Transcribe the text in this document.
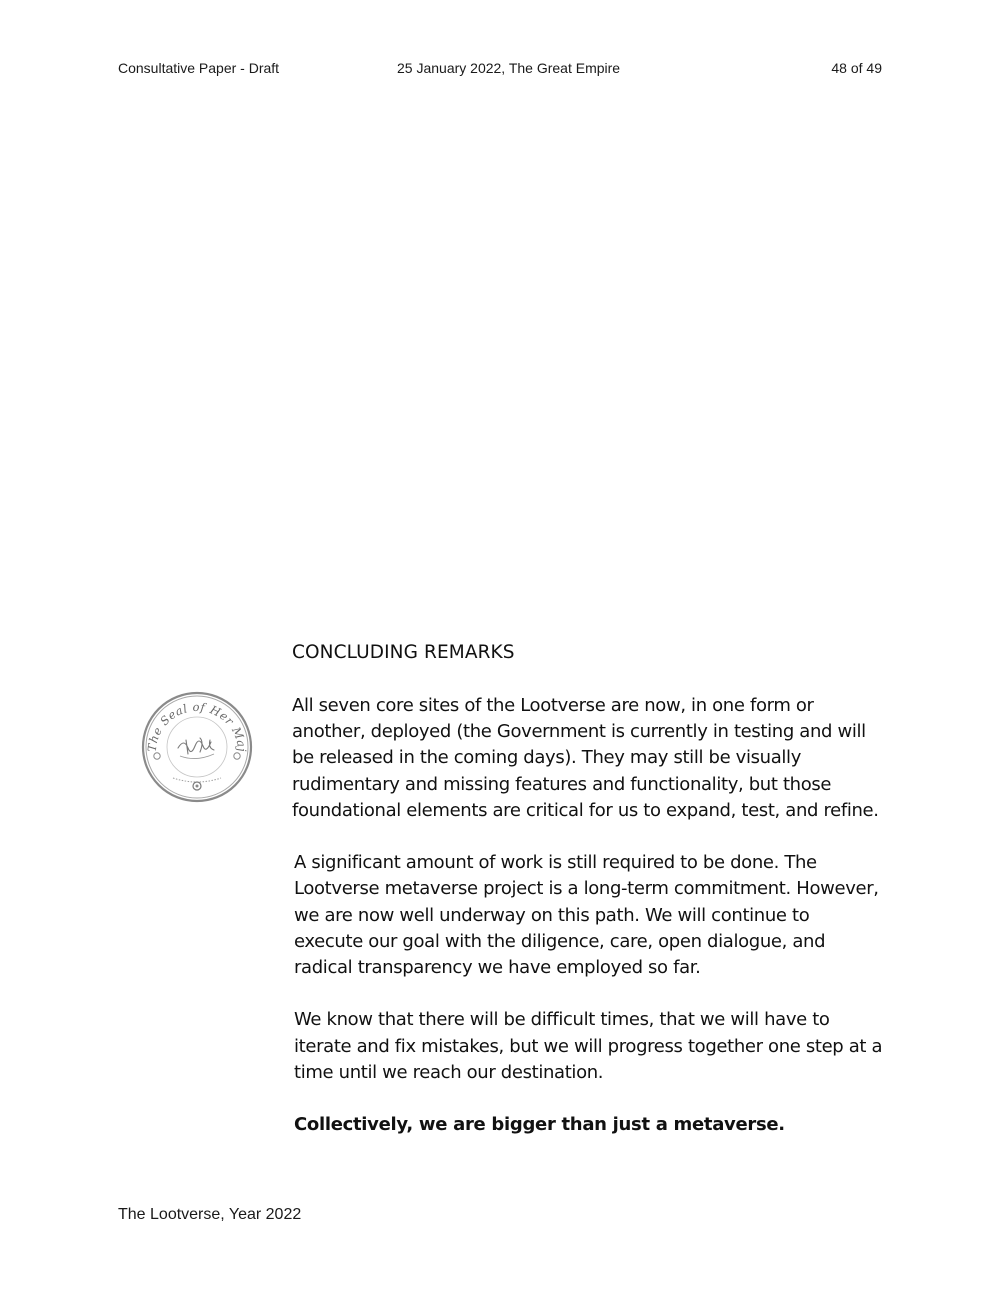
Consultative Paper - Draft	25 January 2022, The Great Empire	48 of 49
The Seal of Her Maj
CONCLUDING REMARKS
All seven core sites of the Lootverse are now, in one form or
another, deployed (the Government is currently in testing and will
be released in the coming days). They may still be visually
rudimentary and missing features and functionality, but those
foundational elements are critical for us to expand, test, and refine.
A significant amount of work is still required to be done. The
Lootverse metaverse project is a long-term commitment. However,
we are now well underway on this path. We will continue to
execute our goal with the diligence, care, open dialogue, and
radical transparency we have employed so far.
We know that there will be difficult times, that we will have to
iterate and fix mistakes, but we will progress together one step at a
time until we reach our destination.
Collectively, we are bigger than just a metaverse.
The Lootverse, Year 2022
